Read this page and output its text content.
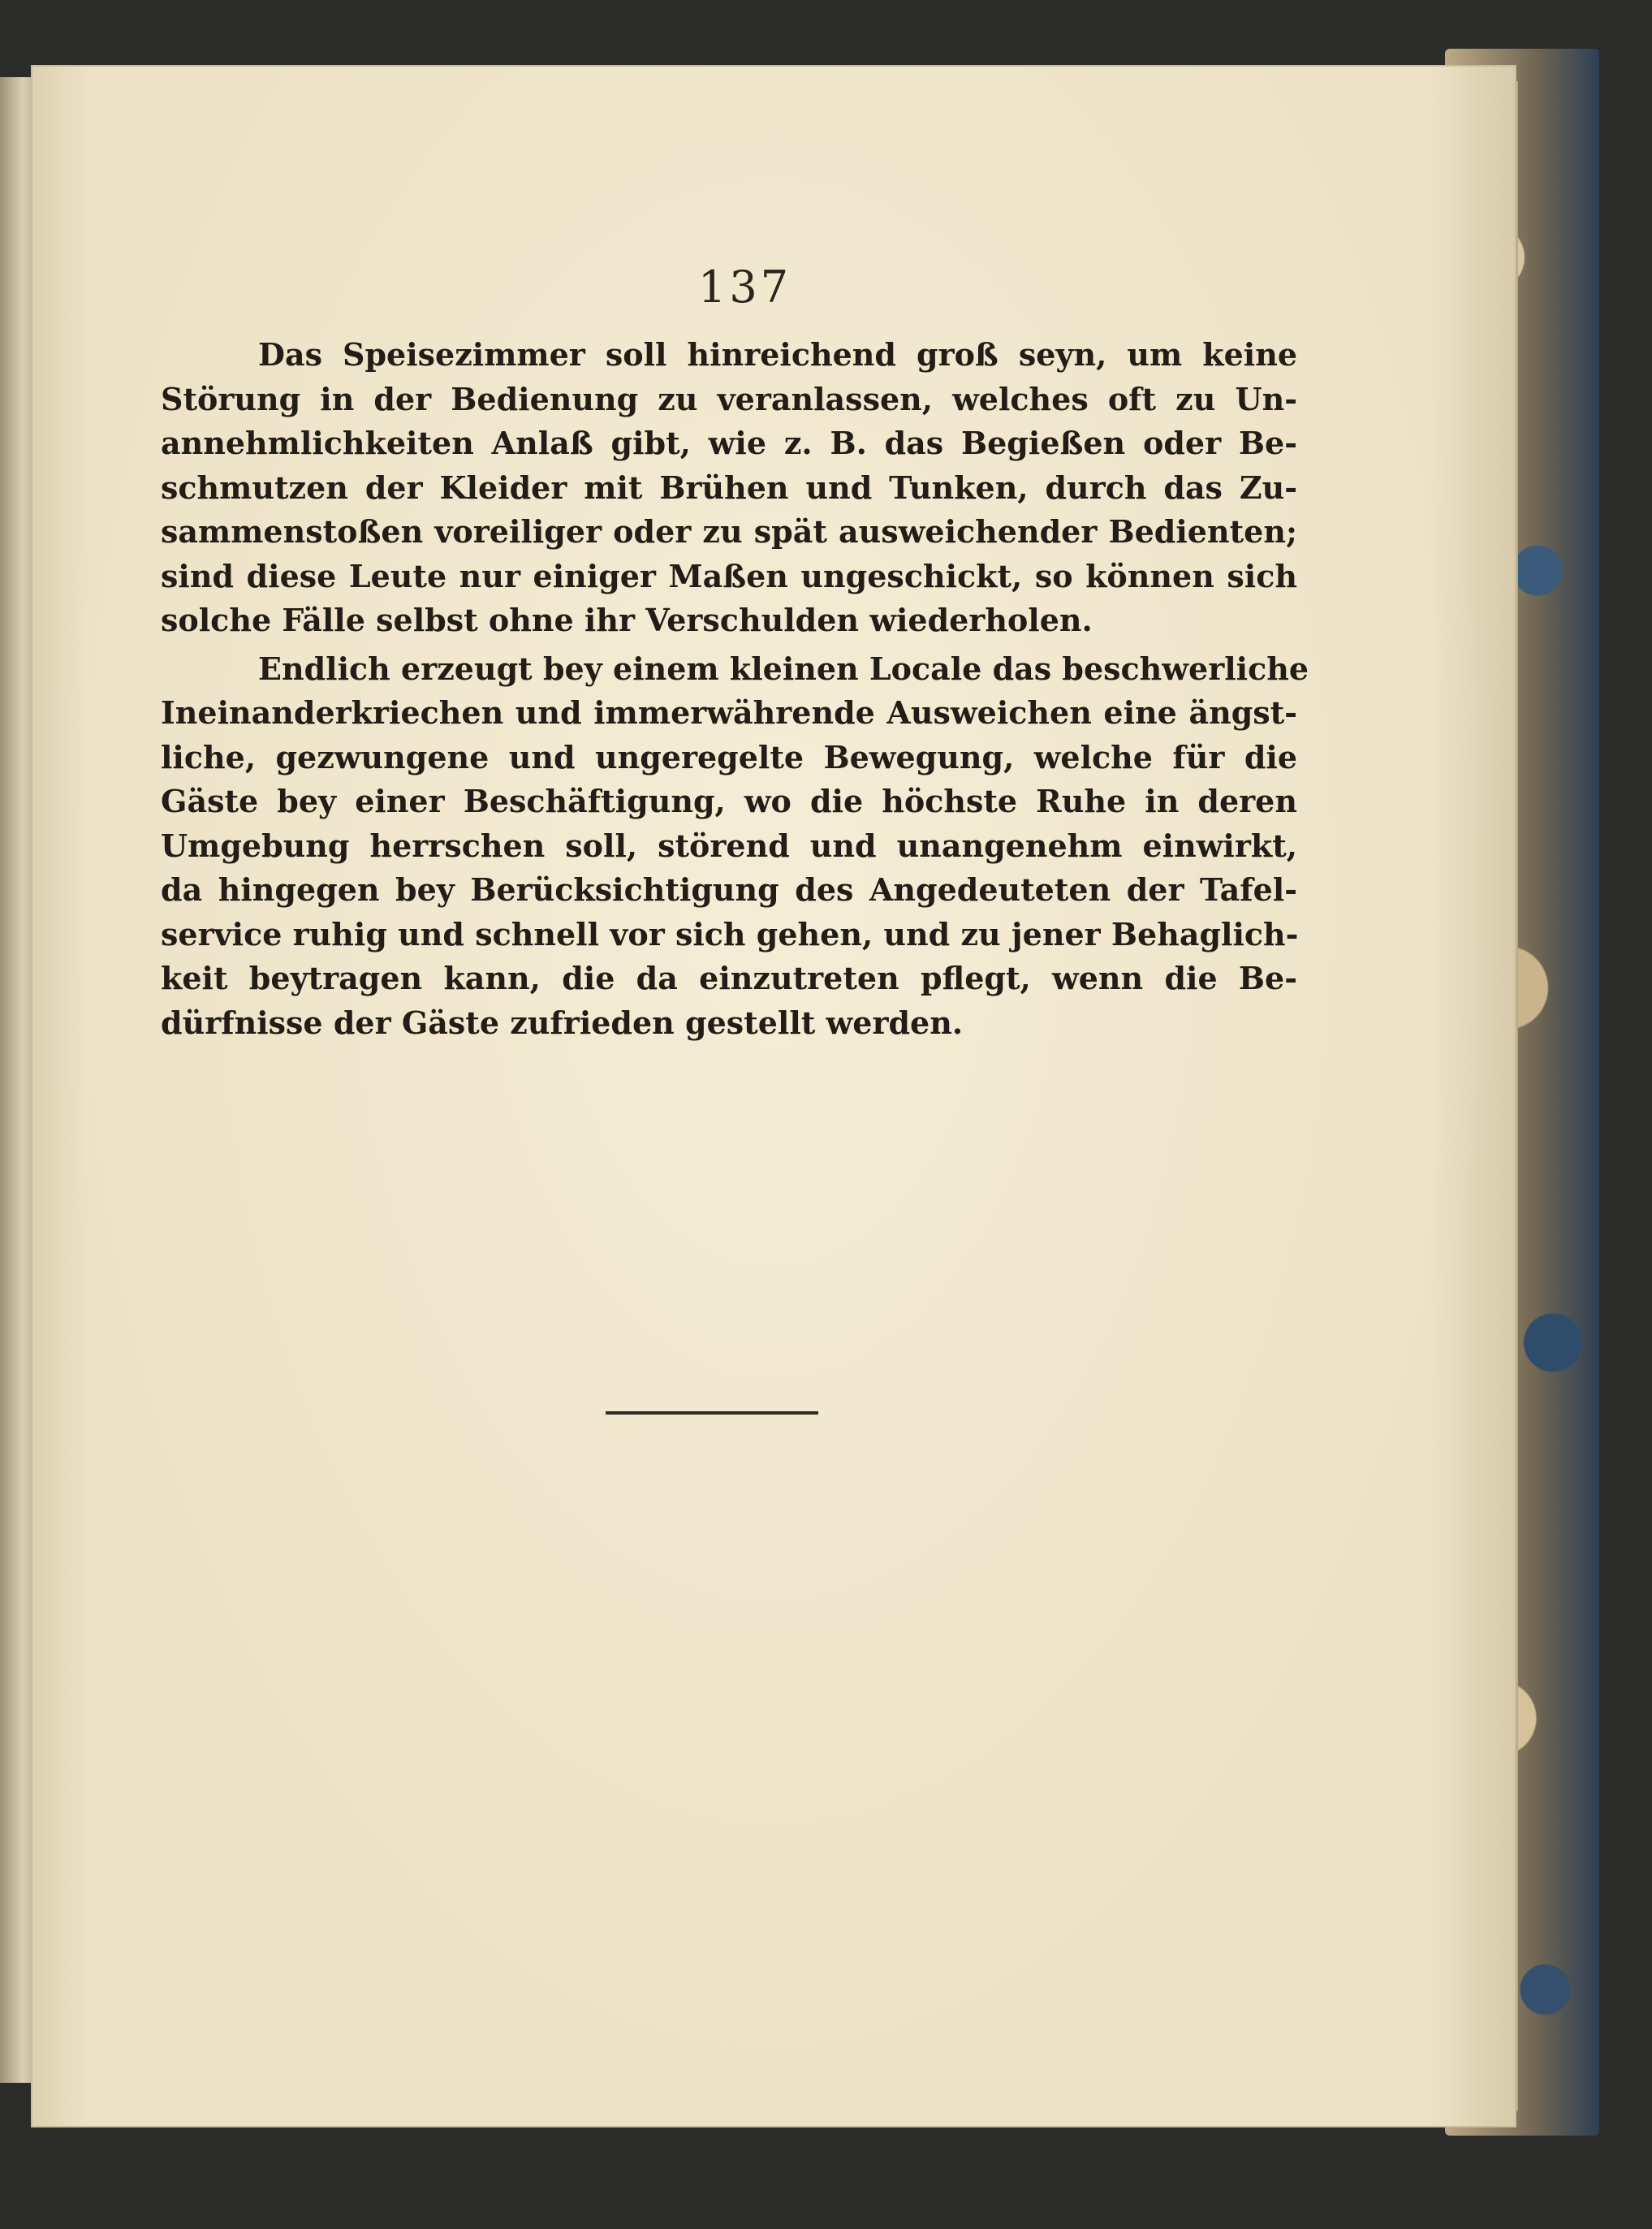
137
Das Speisezimmer soll hinreichend groß seyn, um keine
Störung in der Bedienung zu veranlassen, welches oft zu Un-
annehmlichkeiten Anlaß gibt, wie z. B. das Begießen oder Be-
schmutzen der Kleider mit Brühen und Tunken, durch das Zu-
sammenstoßen voreiliger oder zu spät ausweichender Bedienten;
sind diese Leute nur einiger Maßen ungeschickt, so können sich
solche Fälle selbst ohne ihr Verschulden wiederholen.
Endlich erzeugt bey einem kleinen Locale das beschwerliche
Ineinanderkriechen und immerwährende Ausweichen eine ängst-
liche, gezwungene und ungeregelte Bewegung, welche für die
Gäste bey einer Beschäftigung, wo die höchste Ruhe in deren
Umgebung herrschen soll, störend und unangenehm einwirkt,
da hingegen bey Berücksichtigung des Angedeuteten der Tafel-
service ruhig und schnell vor sich gehen, und zu jener Behaglich-
keit beytragen kann, die da einzutreten pflegt, wenn die Be-
dürfnisse der Gäste zufrieden gestellt werden.
